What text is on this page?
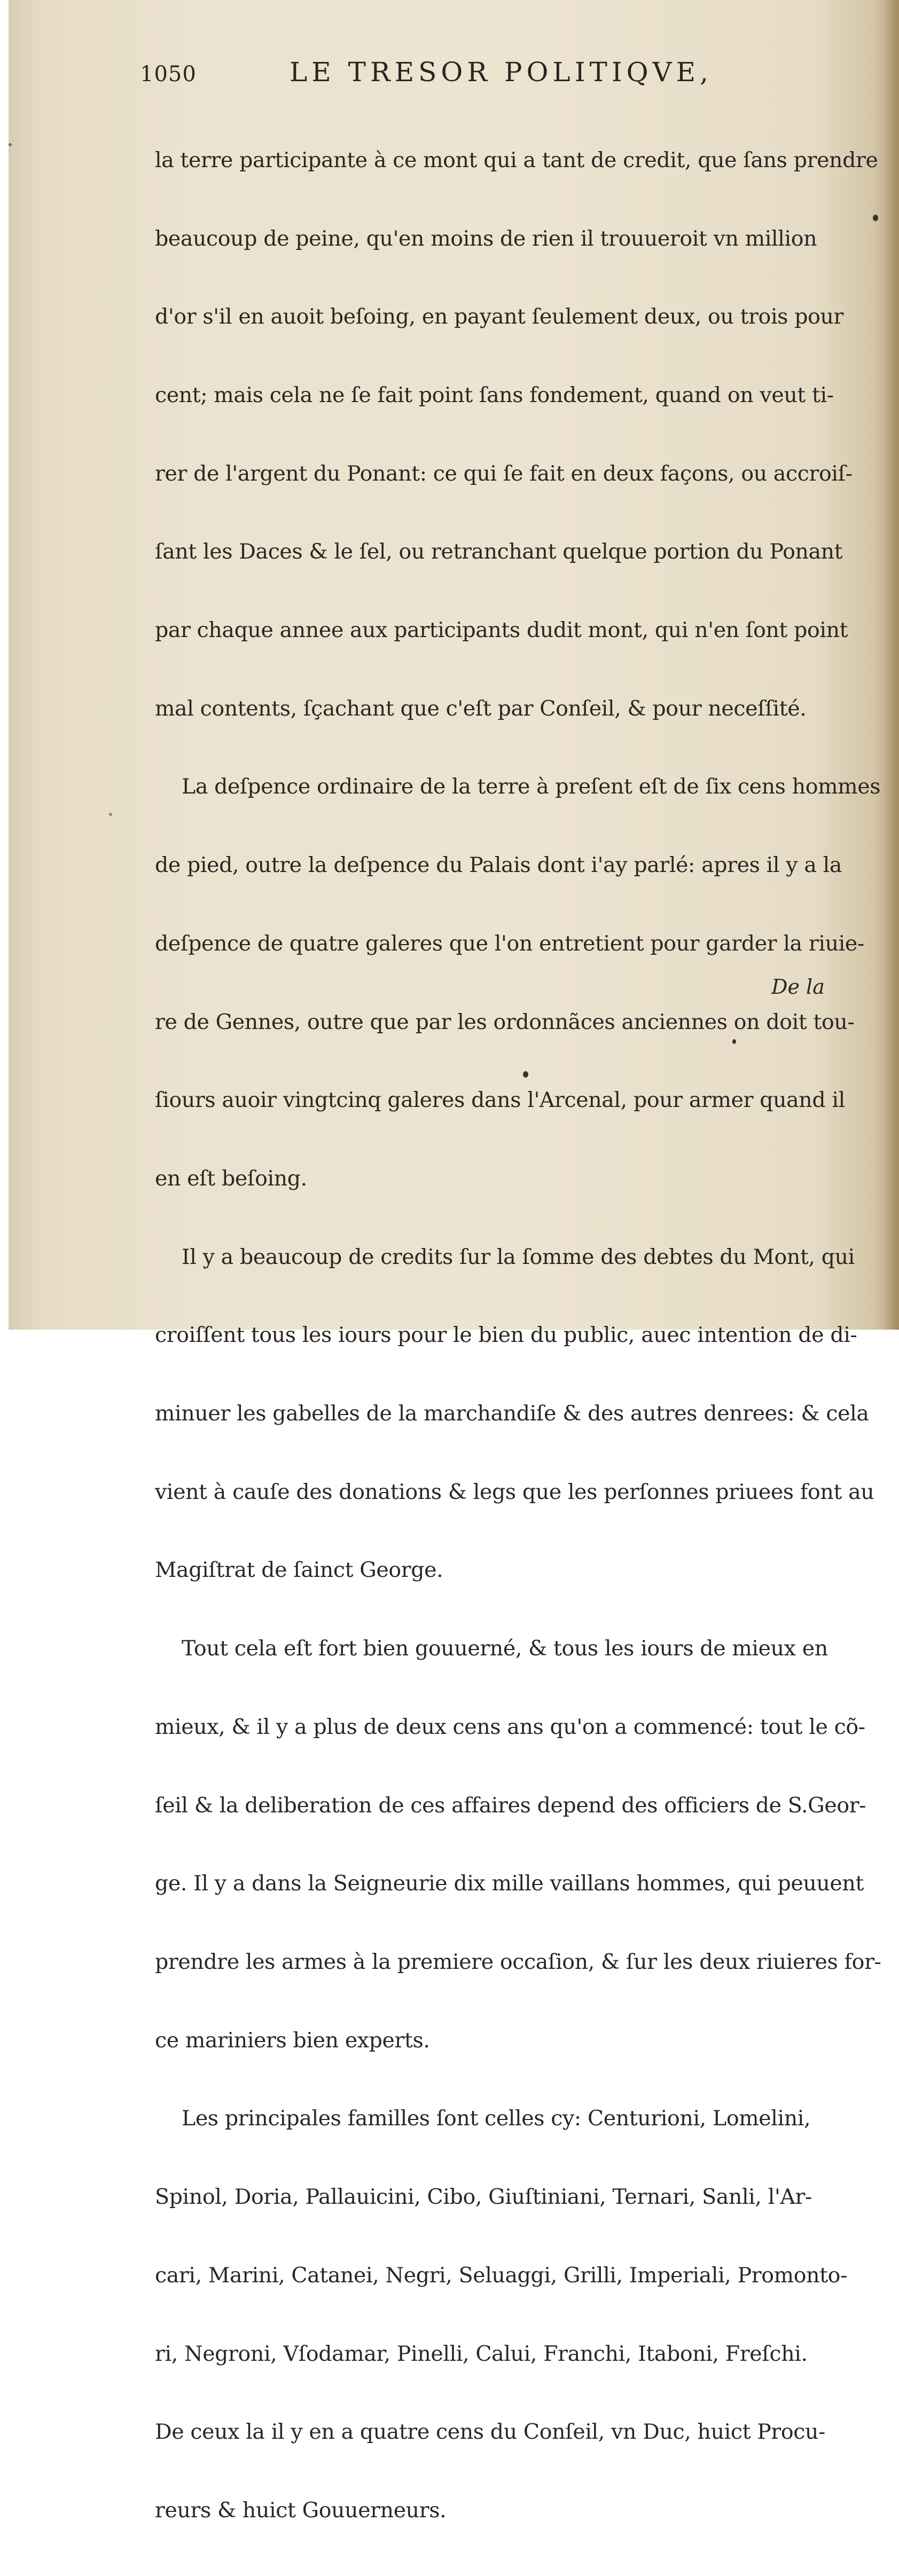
1050	LE TRESOR POLITIQVE,

la terre participante à ce mont qui a tant de credit, que ſans prendre

beaucoup de peine, qu'en moins de rien il trouueroit vn million

d'or s'il en auoit beſoing, en payant ſeulement deux, ou trois pour

cent; mais cela ne ſe fait point ſans fondement, quand on veut ti-

rer de l'argent du Ponant: ce qui ſe fait en deux façons, ou accroiſ-

ſant les Daces & le ſel, ou retranchant quelque portion du Ponant

par chaque annee aux participants dudit mont, qui n'en ſont point

mal contents, ſçachant que c'eſt par Conſeil, & pour neceſſité.

La deſpence ordinaire de la terre à preſent eſt de ſix cens hommes

de pied, outre la deſpence du Palais dont i'ay parlé: apres il y a la

deſpence de quatre galeres que l'on entretient pour garder la riuie-

re de Gennes, outre que par les ordonnãces anciennes on doit tou-

ſiours auoir vingtcinq galeres dans l'Arcenal, pour armer quand il

en eſt beſoing.

Il y a beaucoup de credits ſur la ſomme des debtes du Mont, qui

croiſſent tous les iours pour le bien du public, auec intention de di-

minuer les gabelles de la marchandiſe & des autres denrees: & cela

vient à cauſe des donations & legs que les perſonnes priuees font au

Magiſtrat de ſainct George.

Tout cela eſt fort bien gouuerné, & tous les iours de mieux en

mieux, & il y a plus de deux cens ans qu'on a commencé: tout le cõ-

ſeil & la deliberation de ces affaires depend des officiers de S.Geor-

ge. Il y a dans la Seigneurie dix mille vaillans hommes, qui peuuent

prendre les armes à la premiere occaſion, & ſur les deux riuieres for-

ce mariniers bien experts.

Les principales familles ſont celles cy: Centurioni, Lomelini,

Spinol, Doria, Pallauicini, Cibo, Giuſtiniani, Ternari, Sanli, l'Ar-

cari, Marini, Catanei, Negri, Seluaggi, Grilli, Imperiali, Promonto-

ri, Negroni, Vſodamar, Pinelli, Calui, Franchi, Itaboni, Freſchi.

De ceux la il y en a quatre cens du Conſeil, vn Duc, huict Procu-

reurs & huict Gouuerneurs.

De la
